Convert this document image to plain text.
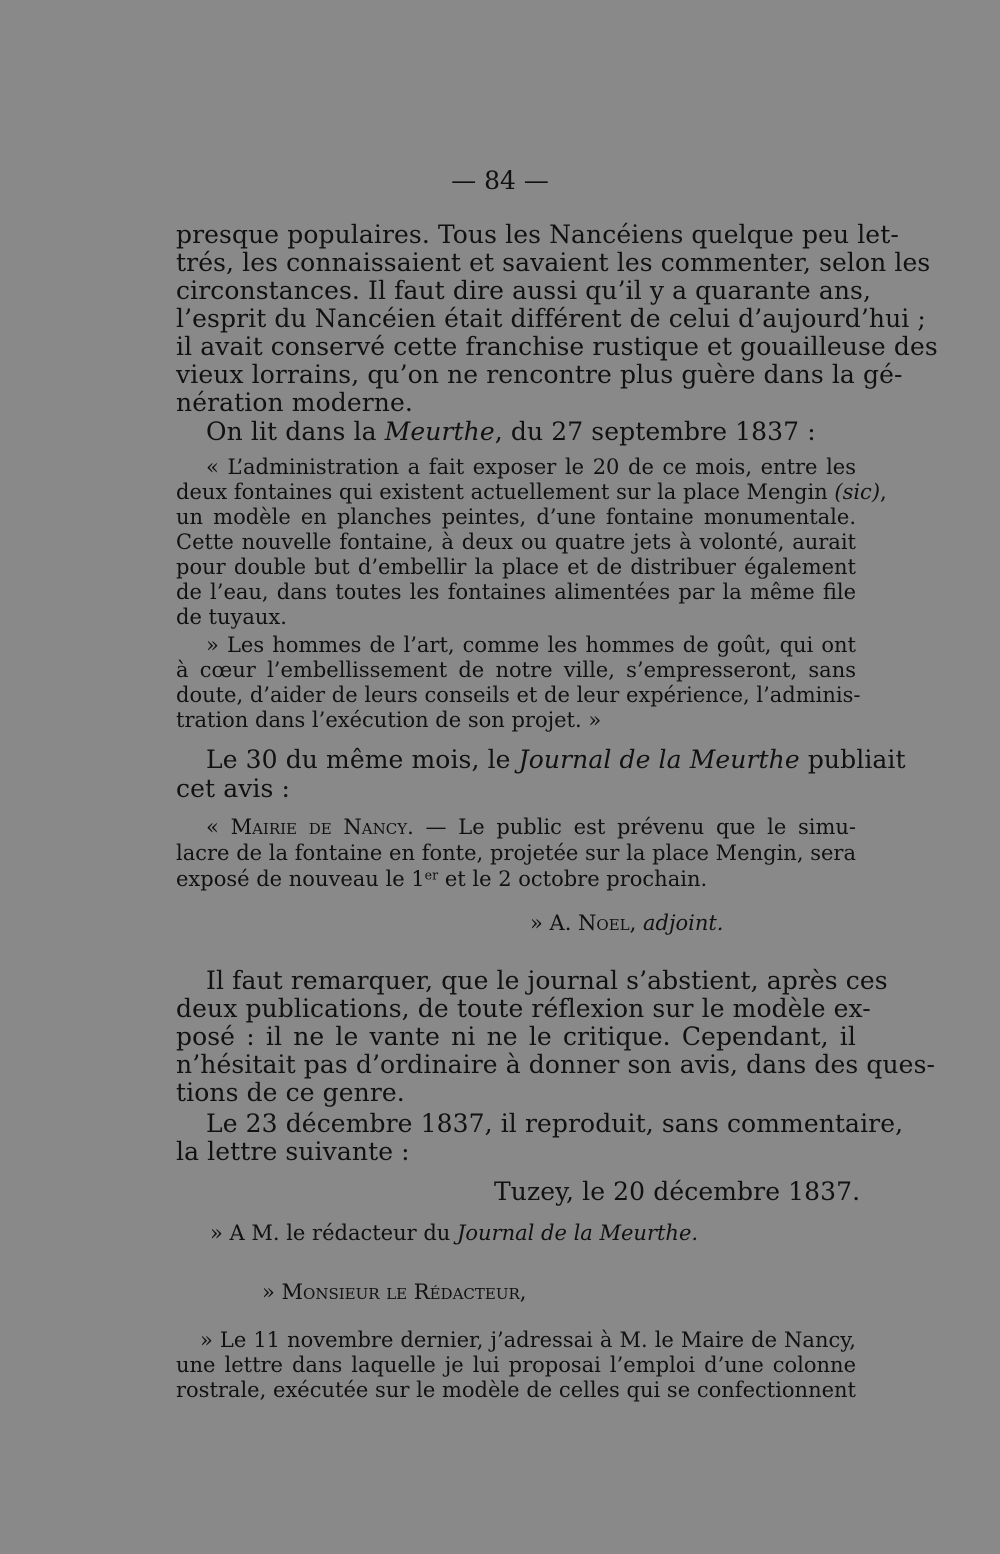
— 84 —
presque populaires. Tous les Nancéiens quelque peu let-
trés, les connaissaient et savaient les commenter, selon les
circonstances. Il faut dire aussi qu’il y a quarante ans,
l’esprit du Nancéien était différent de celui d’aujourd’hui ;
il avait conservé cette franchise rustique et gouailleuse des
vieux lorrains, qu’on ne rencontre plus guère dans la gé-
nération moderne.
On lit dans la Meurthe, du 27 septembre 1837 :
« L’administration a fait exposer le 20 de ce mois, entre les
deux fontaines qui existent actuellement sur la place Mengin (sic),
un modèle en planches peintes, d’une fontaine monumentale.
Cette nouvelle fontaine, à deux ou quatre jets à volonté, aurait
pour double but d’embellir la place et de distribuer également
de l’eau, dans toutes les fontaines alimentées par la même file
de tuyaux.
» Les hommes de l’art, comme les hommes de goût, qui ont
à cœur l’embellissement de notre ville, s’empresseront, sans
doute, d’aider de leurs conseils et de leur expérience, l’adminis-
tration dans l’exécution de son projet. »
Le 30 du même mois, le Journal de la Meurthe publiait
cet avis :
« Mairie de Nancy. — Le public est prévenu que le simu-
lacre de la fontaine en fonte, projetée sur la place Mengin, sera
exposé de nouveau le 1er et le 2 octobre prochain.
» A. Noel, adjoint.
Il faut remarquer, que le journal s’abstient, après ces
deux publications, de toute réflexion sur le modèle ex-
posé : il ne le vante ni ne le critique. Cependant, il
n’hésitait pas d’ordinaire à donner son avis, dans des ques-
tions de ce genre.
Le 23 décembre 1837, il reproduit, sans commentaire,
la lettre suivante :
Tuzey, le 20 décembre 1837.
» A M. le rédacteur du Journal de la Meurthe.
» Monsieur le Rédacteur,
» Le 11 novembre dernier, j’adressai à M. le Maire de Nancy,
une lettre dans laquelle je lui proposai l’emploi d’une colonne
rostrale, exécutée sur le modèle de celles qui se confectionnent
